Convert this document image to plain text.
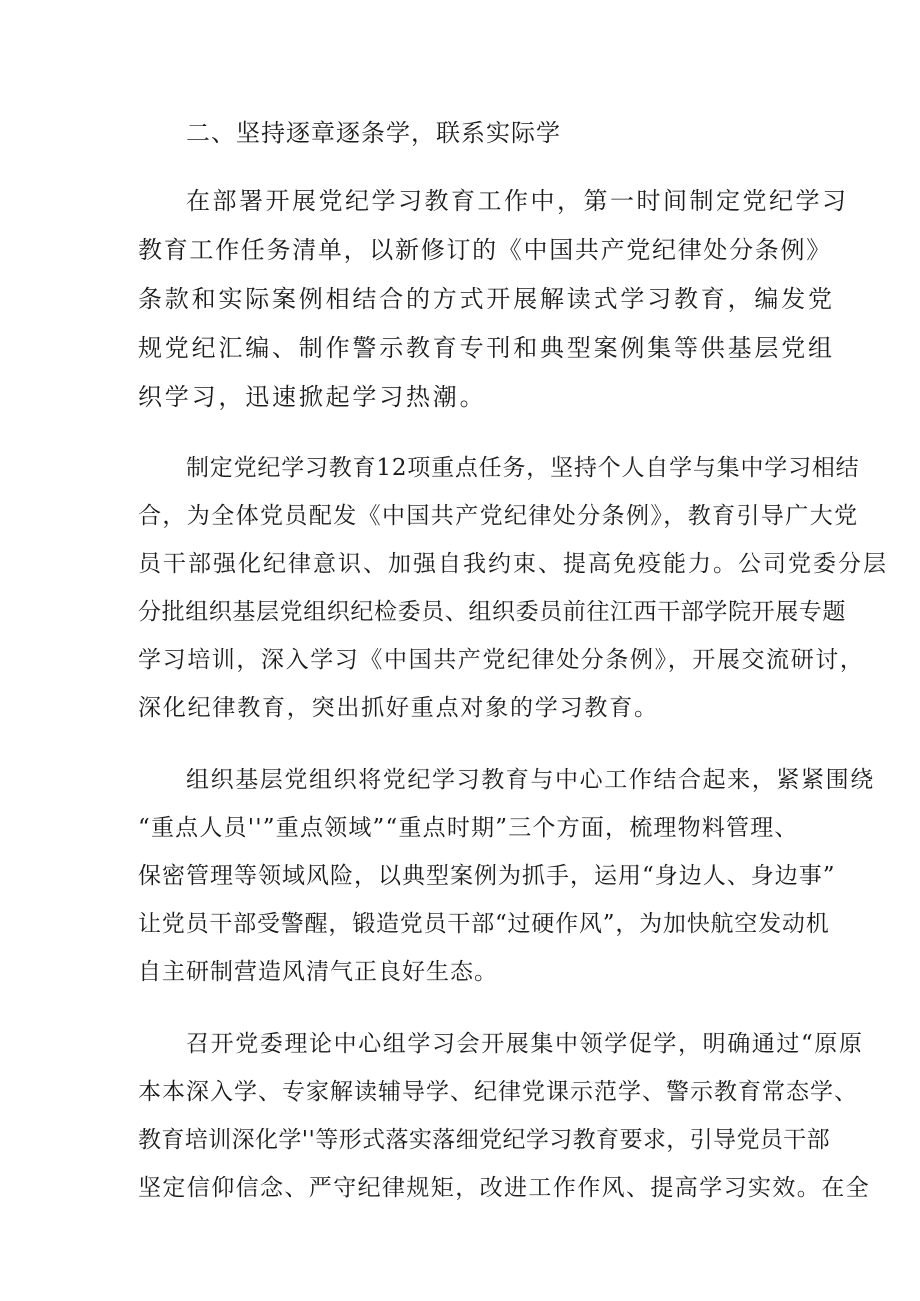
二、坚持逐章逐条学，联系实际学
在部署开展党纪学习教育工作中，第一时间制定党纪学习
教育工作任务清单，以新修订的《中国共产党纪律处分条例》
条款和实际案例相结合的方式开展解读式学习教育，编发党
规党纪汇编、制作警示教育专刊和典型案例集等供基层党组
织学习，迅速掀起学习热潮。
制定党纪学习教育12项重点任务，坚持个人自学与集中学习相结
合，为全体党员配发《中国共产党纪律处分条例》，教育引导广大党
员干部强化纪律意识、加强自我约束、提高免疫能力。公司党委分层
分批组织基层党组织纪检委员、组织委员前往江西干部学院开展专题
学习培训，深入学习《中国共产党纪律处分条例》，开展交流研讨，
深化纪律教育，突出抓好重点对象的学习教育。
组织基层党组织将党纪学习教育与中心工作结合起来，紧紧围绕
“重点人员''”重点领域”“重点时期”三个方面，梳理物料管理、
保密管理等领域风险，以典型案例为抓手，运用“身边人、身边事”
让党员干部受警醒，锻造党员干部“过硬作风”，为加快航空发动机
自主研制营造风清气正良好生态。
召开党委理论中心组学习会开展集中领学促学，明确通过“原原
本本深入学、专家解读辅导学、纪律党课示范学、警示教育常态学、
教育培训深化学''等形式落实落细党纪学习教育要求，引导党员干部
坚定信仰信念、严守纪律规矩，改进工作作风、提高学习实效。在全
